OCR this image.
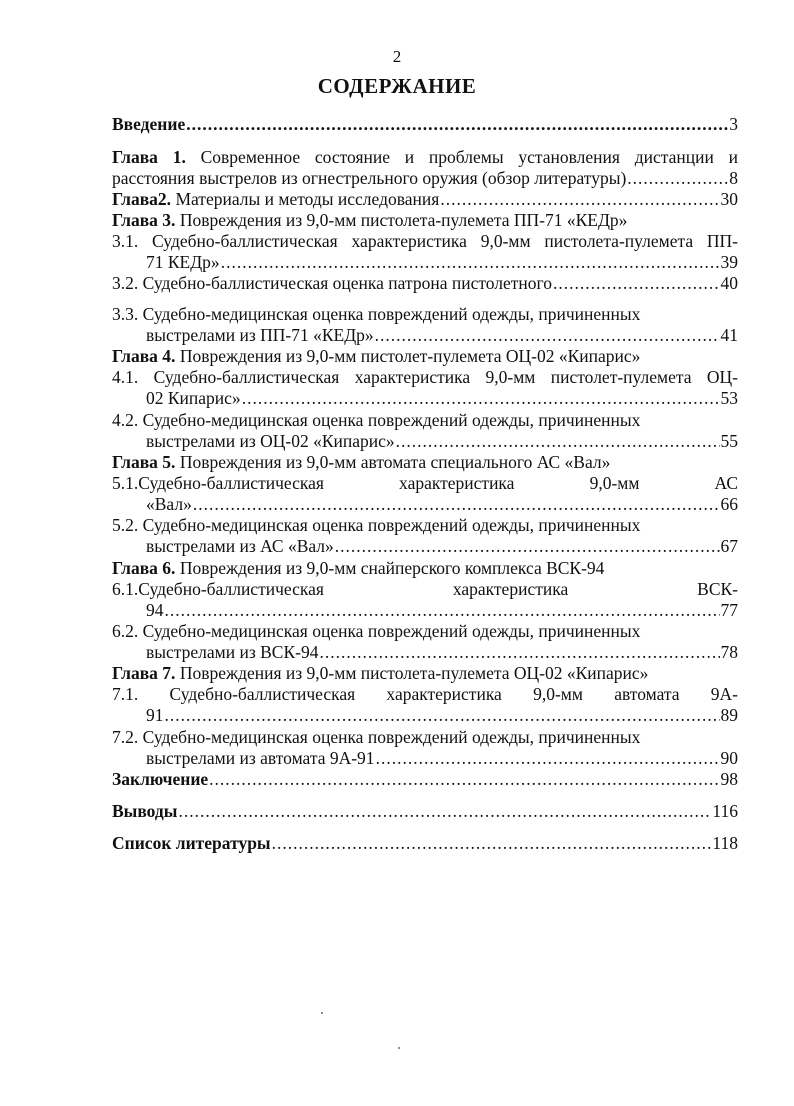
2
СОДЕРЖАНИЕ
Введение .....	3
Глава 1. Современное состояние и проблемы установления дистанции и
расстояния выстрелов из огнестрельного оружия (обзор литературы) .....	8
Глава2. Материалы и методы исследования .....	30
Глава 3. Повреждения из 9,0-мм пистолета-пулемета ПП-71 «КЕДр»
3.1. Судебно-баллистическая характеристика 9,0-мм пистолета-пулемета ПП-
71 КЕДр» .....	39
3.2. Судебно-баллистическая оценка патрона пистолетного .....	40
3.3. Судебно-медицинская оценка повреждений одежды, причиненных
выстрелами из ПП-71 «КЕДр» .....	41
Глава 4. Повреждения из 9,0-мм пистолет-пулемета ОЦ-02 «Кипарис»
4.1. Судебно-баллистическая характеристика 9,0-мм пистолет-пулемета ОЦ-
02 Кипарис» .....	53
4.2. Судебно-медицинская оценка повреждений одежды, причиненных
выстрелами из ОЦ-02 «Кипарис» .....	55
Глава 5. Повреждения из 9,0-мм автомата специального АС «Вал»
5.1.Судебно-баллистическая характеристика 9,0-мм АС
«Вал» .....	66
5.2. Судебно-медицинская оценка повреждений одежды, причиненных
выстрелами из АС «Вал» .....	67
Глава 6. Повреждения из 9,0-мм снайперского комплекса ВСК-94
6.1.Судебно-баллистическая характеристика ВСК-
94 .....	77
6.2. Судебно-медицинская оценка повреждений одежды, причиненных
выстрелами из ВСК-94 .....	78
Глава 7. Повреждения из 9,0-мм пистолета-пулемета ОЦ-02 «Кипарис»
7.1. Судебно-баллистическая характеристика 9,0-мм автомата 9А-
91 .....	89
7.2. Судебно-медицинская оценка повреждений одежды, причиненных
выстрелами из автомата 9А-91 .....	90
Заключение .....	98
Выводы .....	116
Список литературы .....	118
